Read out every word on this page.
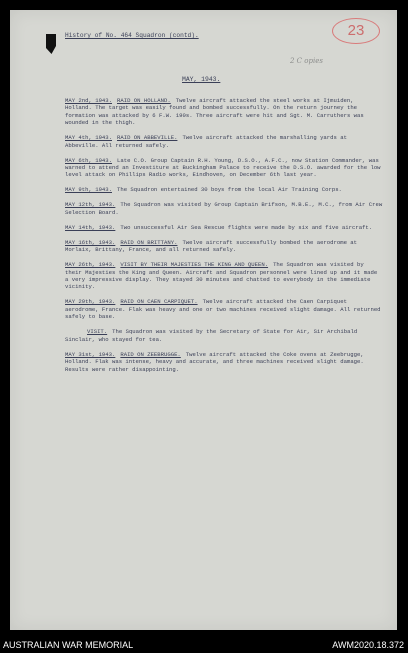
History of No. 464 Squadron (contd).	23
2 C opies
MAY, 1943.
MAY 2nd, 1943. RAID ON HOLLAND. Twelve aircraft attacked the steel works at Ijmuiden, Holland. The target was easily found and bombed successfully. On the return journey the formation was attacked by 6 F.W. 190s. Three aircraft were hit and Sgt. M. Carruthers was wounded in the thigh.
MAY 4th, 1943. RAID ON ABBEVILLE. Twelve aircraft attacked the marshalling yards at Abbeville. All returned safely.
MAY 6th, 1943. Late C.O. Group Captain R.H. Young, D.S.O., A.F.C., now Station Commander, was warned to attend an Investiture at Buckingham Palace to receive the D.S.O. awarded for the low level attack on Phillips Radio works, Eindhoven, on December 6th last year.
MAY 9th, 1943. The Squadron entertained 30 boys from the local Air Training Corps.
MAY 12th, 1943. The Squadron was visited by Group Captain Brifson, M.B.E., M.C., from Air Crew Selection Board.
MAY 14th, 1943. Two unsuccessful Air Sea Rescue flights were made by six and five aircraft.
MAY 16th, 1943. RAID ON BRITTANY. Twelve aircraft successfully bombed the aerodrome at Morlaix, Brittany, France, and all returned safely.
MAY 26th, 1943. VISIT BY THEIR MAJESTIES THE KING AND QUEEN. The Squadron was visited by their Majesties the King and Queen. Aircraft and Squadron personnel were lined up and it made a very impressive display. They stayed 30 minutes and chatted to everybody in the immediate vicinity.
MAY 29th, 1943. RAID ON CAEN CARPIQUET. Twelve aircraft attacked the Caen Carpiquet aerodrome, France. Flak was heavy and one or two machines received slight damage. All returned safely to base.
VISIT. The Squadron was visited by the Secretary of State for Air, Sir Archibald Sinclair, who stayed for tea.
MAY 31st, 1943. RAID ON ZEEBRUGGE. Twelve aircraft attacked the Coke ovens at Zeebrugge, Holland. Flak was intense, heavy and accurate, and three machines received slight damage. Results were rather disappointing.
AUSTRALIAN WAR MEMORIAL	AWM2020.18.372
